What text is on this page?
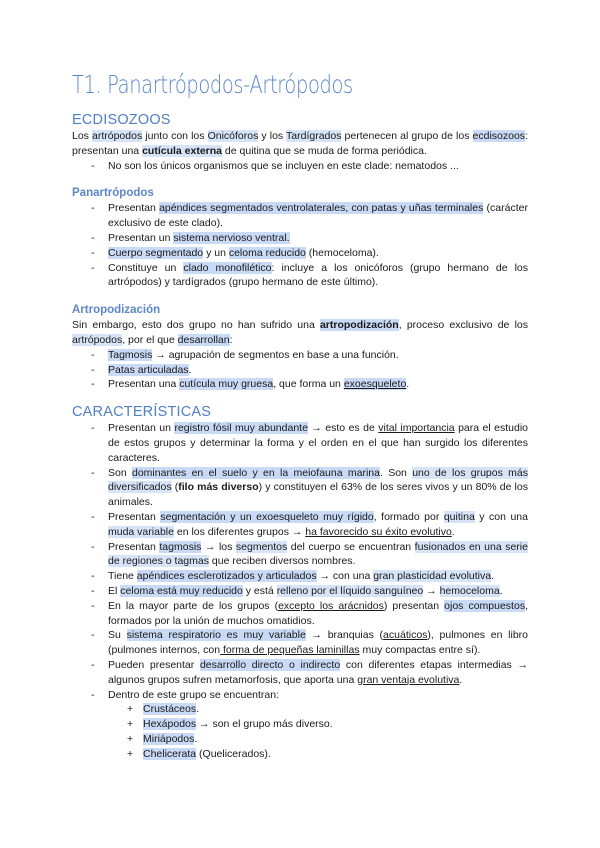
T1. Panartrópodos-Artrópodos
ECDISOZOOS

Los artrópodos junto con los Onicóforos y los Tardígrados pertenecen al grupo de los ecdisozoos: presentan una cutícula externa de quitina que se muda de forma periódica.

- No son los únicos organismos que se incluyen en este clade: nematodos ...
Panartrópodos
- Presentan apéndices segmentados ventrolaterales, con patas y uñas terminales (carácter exclusivo de este clado).
- Presentan un sistema nervioso ventral.
- Cuerpo segmentado y un celoma reducido (hemoceloma).
- Constituye un clado monofilético: incluye a los onicóforos (grupo hermano de los artrópodos) y tardígrados (grupo hermano de este último).
Artropodización

Sin embargo, esto dos grupo no han sufrido una artropodización, proceso exclusivo de los artrópodos, por el que desarrollan:

- Tagmosis → agrupación de segmentos en base a una función.
- Patas articuladas.
- Presentan una cutícula muy gruesa, que forma un exoesqueleto.
CARACTERÍSTICAS
- Presentan un registro fósil muy abundante → esto es de vital importancia para el estudio de estos grupos y determinar la forma y el orden en el que han surgido los diferentes caracteres.
- Son dominantes en el suelo y en la meiofauna marina. Son uno de los grupos más diversificados (filo más diverso) y constituyen el 63% de los seres vivos y un 80% de los animales.
- Presentan segmentación y un exoesqueleto muy rígido, formado por quitina y con una muda variable en los diferentes grupos → ha favorecido su éxito evolutivo.
- Presentan tagmosis → los segmentos del cuerpo se encuentran fusionados en una serie de regiones o tagmas que reciben diversos nombres.
- Tiene apéndices esclerotizados y articulados → con una gran plasticidad evolutiva.
- El celoma está muy reducido y está relleno por el líquido sanguíneo → hemoceloma.
- En la mayor parte de los grupos (excepto los arácnidos) presentan ojos compuestos, formados por la unión de muchos omatidios.
- Su sistema respiratorio es muy variable → branquias (acuáticos), pulmones en libro (pulmones internos, con forma de pequeñas laminillas muy compactas entre sí).
- Pueden presentar desarrollo directo o indirecto con diferentes etapas intermedias → algunos grupos sufren metamorfosis, que aporta una gran ventaja evolutiva.
- Dentro de este grupo se encuentran:
+ Crustáceos.
+ Hexápodos → son el grupo más diverso.
+ Miriápodos.
+ Chelicerata (Quelicerados).
